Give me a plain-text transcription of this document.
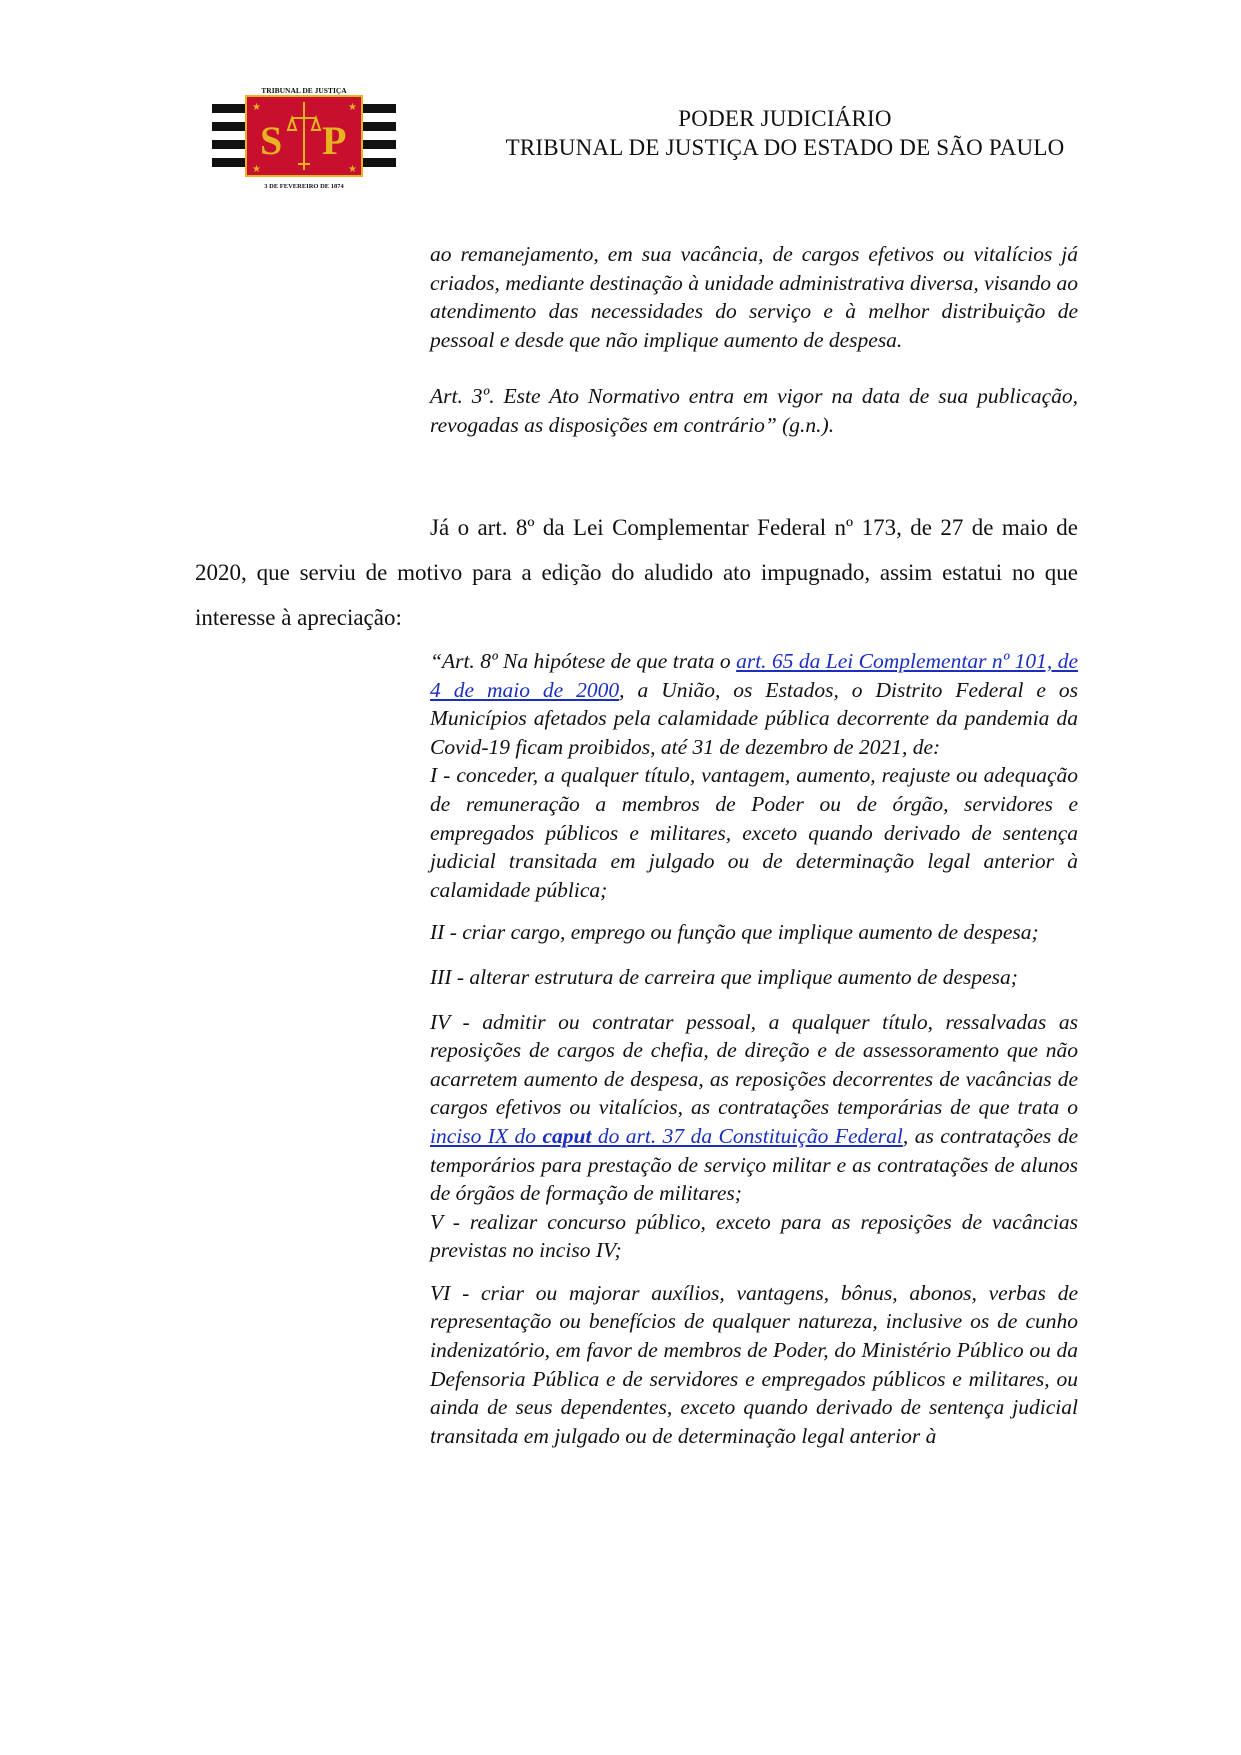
★	★
★	★
S P
TRIBUNAL DE JUSTIÇA
3 DE FEVEREIRO DE 1874
PODER JUDICIÁRIO
TRIBUNAL DE JUSTIÇA DO ESTADO DE SÃO PAULO

ao remanejamento, em sua vacância, de cargos efetivos ou vitalícios já criados, mediante destinação à unidade administrativa diversa, visando ao atendimento das necessidades do serviço e à melhor distribuição de pessoal e desde que não implique aumento de despesa.

Art. 3º. Este Ato Normativo entra em vigor na data de sua publicação, revogadas as disposições em contrário” (g.n.).

Já o art. 8º da Lei Complementar Federal nº 173, de 27 de maio de 2020, que serviu de motivo para a edição do aludido ato impugnado, assim estatui no que interesse à apreciação:

“Art. 8º Na hipótese de que trata o art. 65 da Lei Complementar nº 101, de 4 de maio de 2000, a União, os Estados, o Distrito Federal e os Municípios afetados pela calamidade pública decorrente da pandemia da Covid-19 ficam proibidos, até 31 de dezembro de 2021, de:

I - conceder, a qualquer título, vantagem, aumento, reajuste ou adequação de remuneração a membros de Poder ou de órgão, servidores e empregados públicos e militares, exceto quando derivado de sentença judicial transitada em julgado ou de determinação legal anterior à calamidade pública;

II - criar cargo, emprego ou função que implique aumento de despesa;

III - alterar estrutura de carreira que implique aumento de despesa;

IV - admitir ou contratar pessoal, a qualquer título, ressalvadas as reposições de cargos de chefia, de direção e de assessoramento que não acarretem aumento de despesa, as reposições decorrentes de vacâncias de cargos efetivos ou vitalícios, as contratações temporárias de que trata o inciso IX do caput do art. 37 da Constituição Federal, as contratações de temporários para prestação de serviço militar e as contratações de alunos de órgãos de formação de militares;

V - realizar concurso público, exceto para as reposições de vacâncias previstas no inciso IV;

VI - criar ou majorar auxílios, vantagens, bônus, abonos, verbas de representação ou benefícios de qualquer natureza, inclusive os de cunho indenizatório, em favor de membros de Poder, do Ministério Público ou da Defensoria Pública e de servidores e empregados públicos e militares, ou ainda de seus dependentes, exceto quando derivado de sentença judicial transitada em julgado ou de determinação legal anterior à
